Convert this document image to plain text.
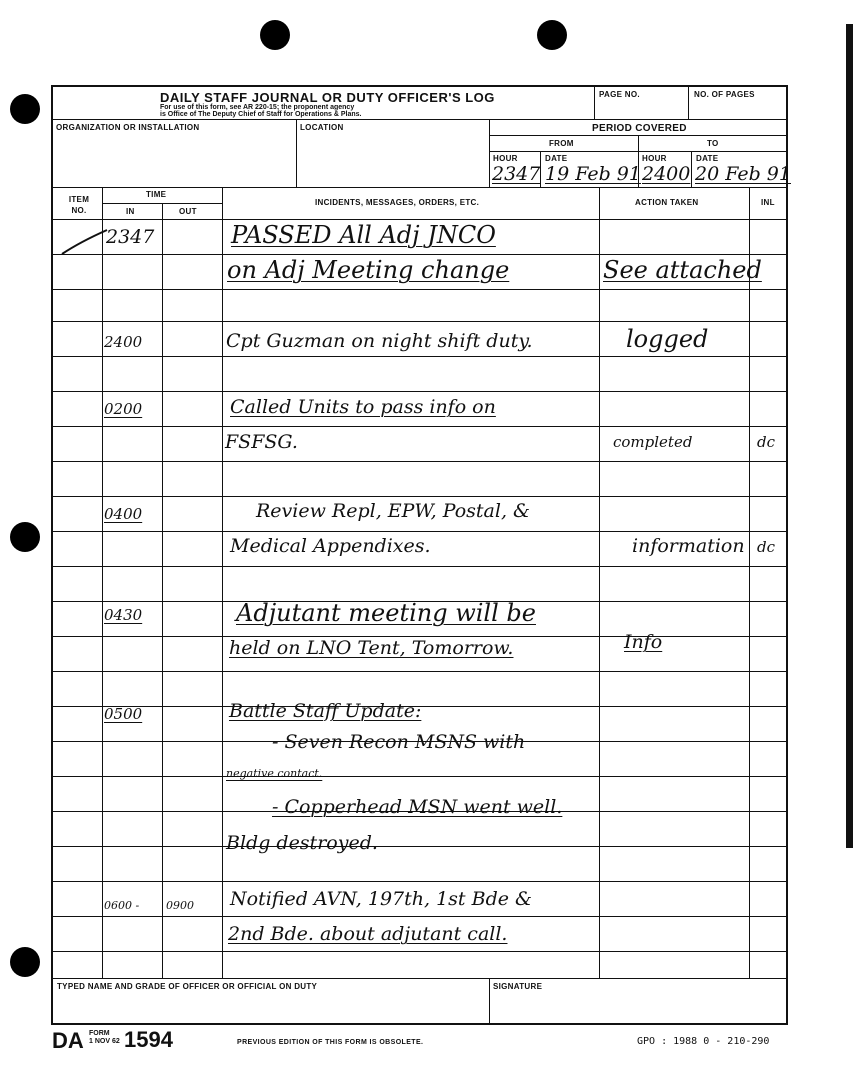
DAILY STAFF JOURNAL OR DUTY OFFICER'S LOG
For use of this form, see AR 220-15; the proponent agency
is Office of The Deputy Chief of Staff for Operations & Plans.
PAGE NO.	NO. OF PAGES
ORGANIZATION OR INSTALLATION	LOCATION	PERIOD COVERED
FROM	TO
HOUR	DATE	HOUR	DATE
2347 19 Feb 91 2400 20 Feb 91
ITEM NO.
TIME
IN	OUT
INCIDENTS, MESSAGES, ORDERS, ETC.	ACTION TAKEN	INL
2347	PASSED All Adj JNCO
on Adj Meeting change	See attached
2400	Cpt Guzman on night shift duty.	logged
0200	Called Units to pass info on
FSFSG.	completed	dc
0400	Review Repl, EPW, Postal, &
Medical Appendixes.	information dc
0430	Adjutant meeting will be
held on LNO Tent, Tomorrow.	Info
0500	Battle Staff Update:
- Seven Recon MSNS with
negative contact.
- Copperhead MSN went well.
Bldg destroyed.
0600 - 0900 Notified AVN, 197th, 1st Bde &
2nd Bde. about adjutant call.
TYPED NAME AND GRADE OF OFFICER OR OFFICIAL ON DUTY	SIGNATURE
DA FORM
1 NOV 62 1594	PREVIOUS EDITION OF THIS FORM IS OBSOLETE.	GPO : 1988 0 - 210-290
